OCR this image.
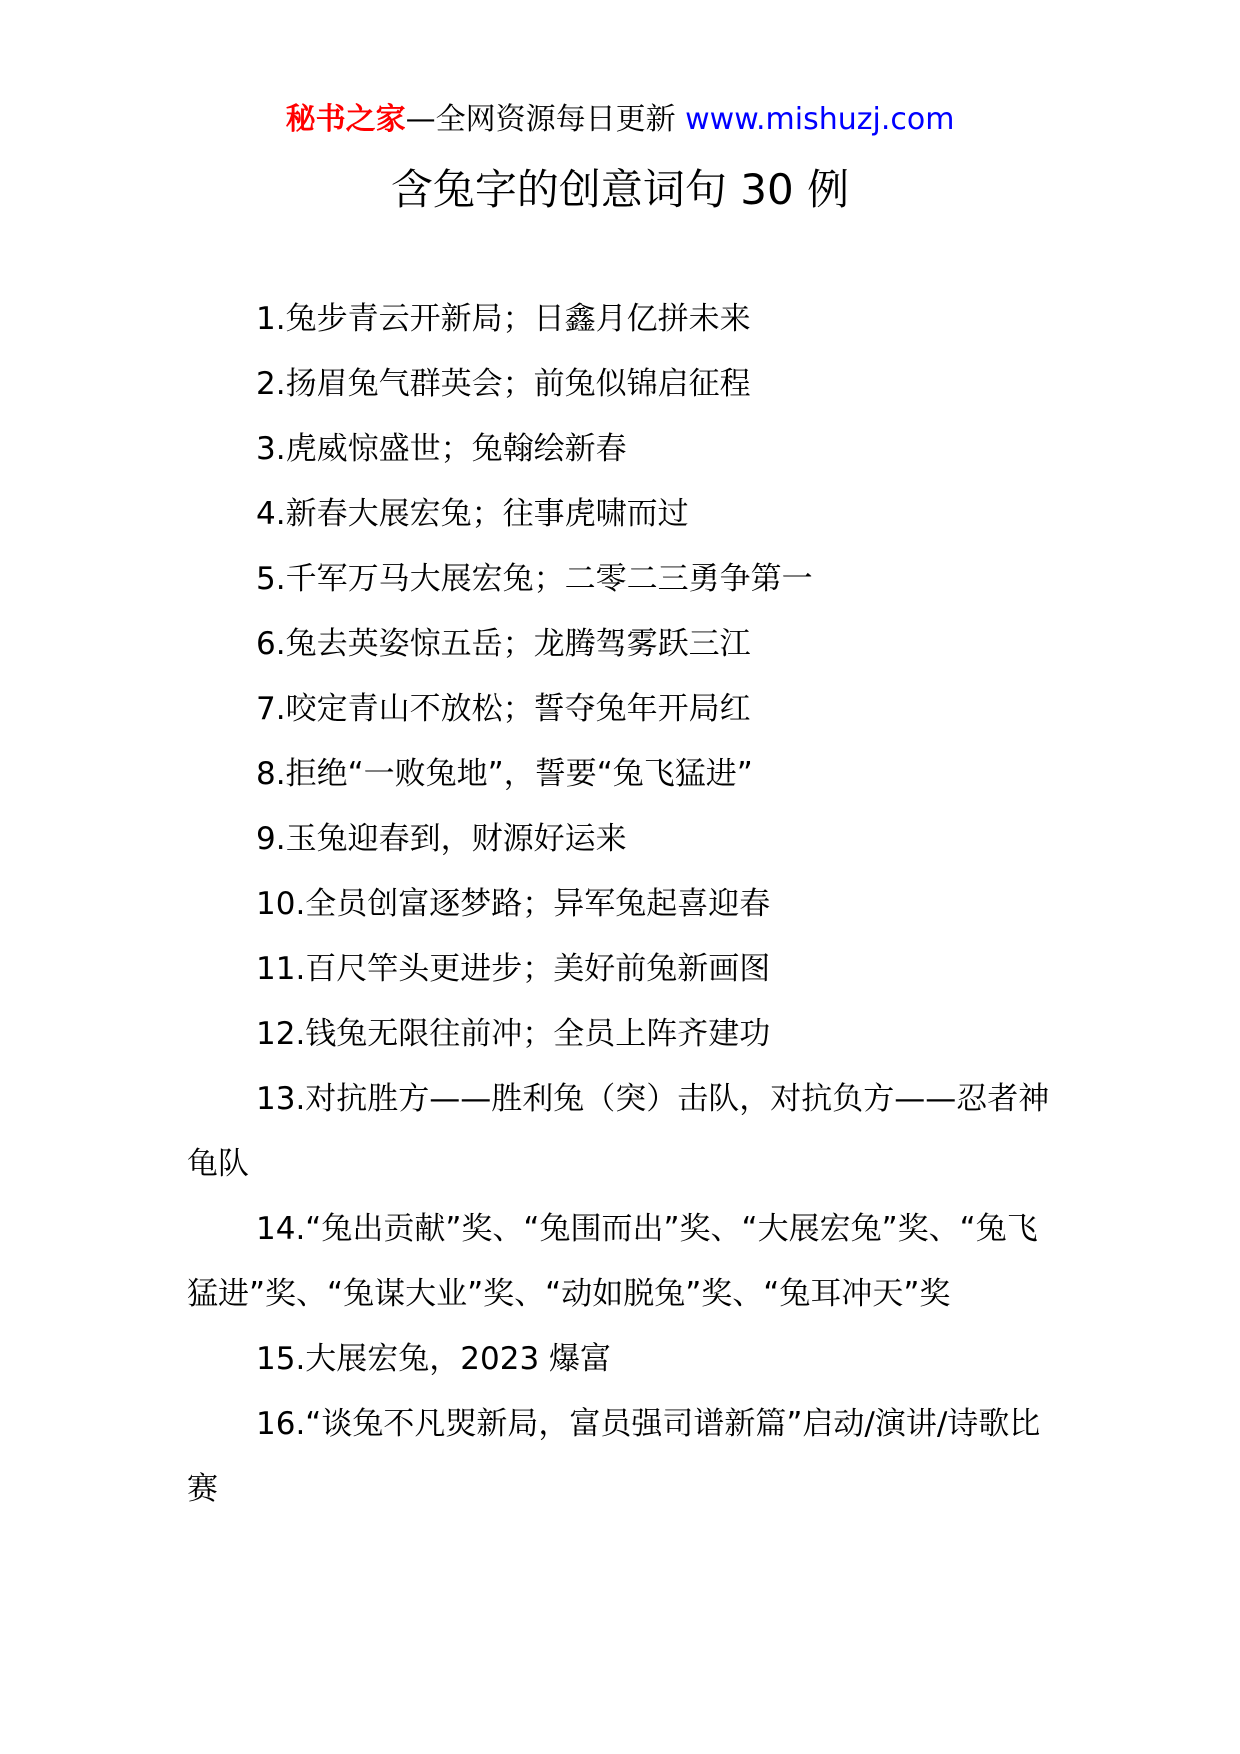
秘书之家—全网资源每日更新 www.mishuzj.com
含兔字的创意词句 30 例
1.兔步青云开新局；日鑫月亿拼未来
2.扬眉兔气群英会；前兔似锦启征程
3.虎威惊盛世；兔翰绘新春
4.新春大展宏兔；往事虎啸而过
5.千军万马大展宏兔；二零二三勇争第一
6.兔去英姿惊五岳；龙腾驾雾跃三江
7.咬定青山不放松；誓夺兔年开局红
8.拒绝“一败兔地”，誓要“兔飞猛进”
9.玉兔迎春到，财源好运来
10.全员创富逐梦路；异军兔起喜迎春
11.百尺竿头更进步；美好前兔新画图
12.钱兔无限往前冲；全员上阵齐建功
13.对抗胜方——胜利兔（突）击队，对抗负方——忍者神龟队
14.“兔出贡献”奖、“兔围而出”奖、“大展宏兔”奖、“兔飞猛进”奖、“兔谋大业”奖、“动如脱兔”奖、“兔耳冲天”奖
15.大展宏兔，2023 爆富
16.“谈兔不凡焸新局，富员强司谱新篇”启动/演讲/诗歌比赛
